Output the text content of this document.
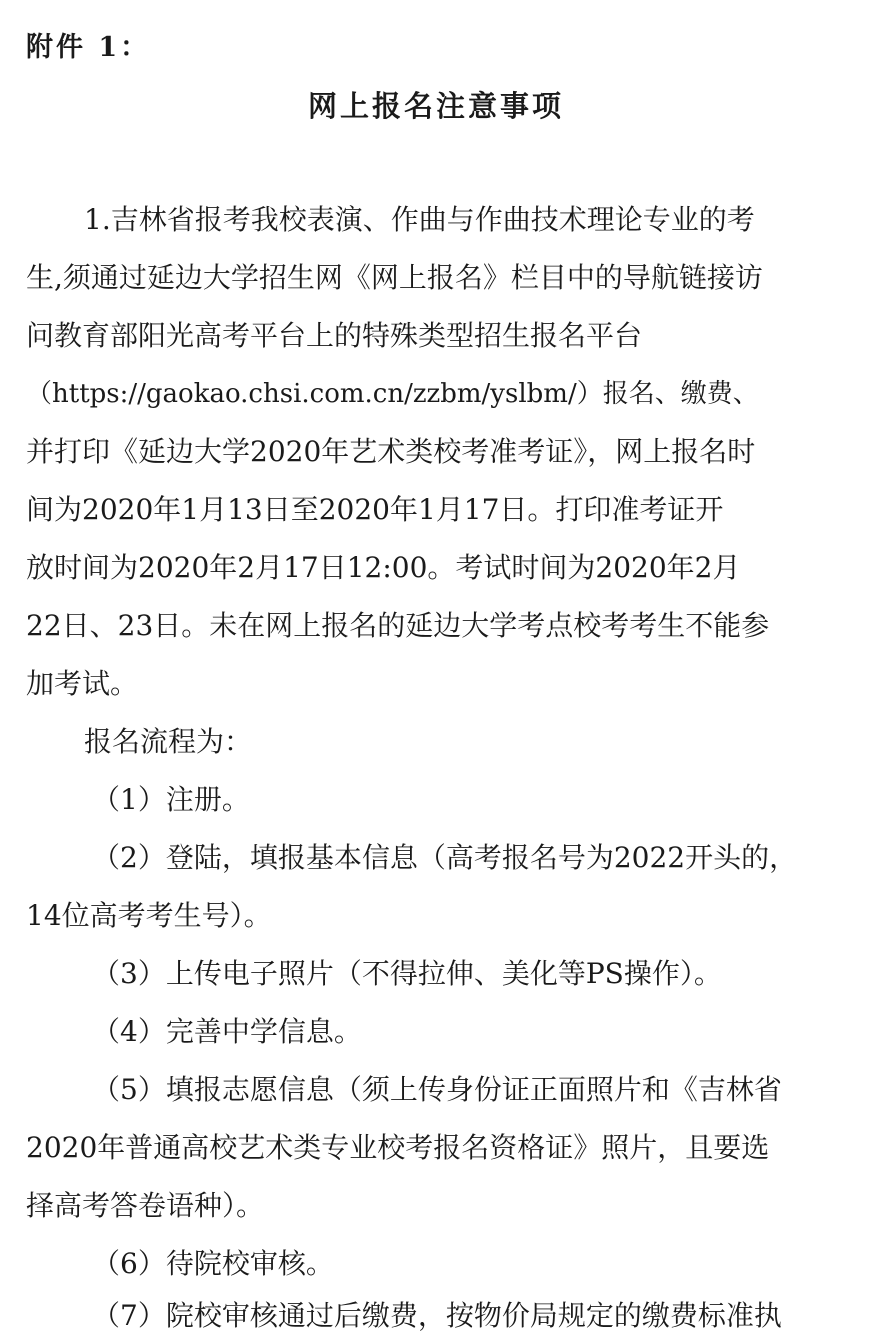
附件 1：
网上报名注意事项
1.吉林省报考我校表演、作曲与作曲技术理论专业的考
生,须通过延边大学招生网《网上报名》栏目中的导航链接访
问教育部阳光高考平台上的特殊类型招生报名平台
（https://gaokao.chsi.com.cn/zzbm/yslbm/）报名、缴费、
并打印《延边大学2020年艺术类校考准考证》，网上报名时
间为2020年1月13日至2020年1月17日。打印准考证开
放时间为2020年2月17日12:00。考试时间为2020年2月
22日、23日。未在网上报名的延边大学考点校考考生不能参
加考试。
报名流程为：
（1）注册。
（2）登陆，填报基本信息（高考报名号为2022开头的，
14位高考考生号）。
（3）上传电子照片（不得拉伸、美化等PS操作）。
（4）完善中学信息。
（5）填报志愿信息（须上传身份证正面照片和《吉林省
2020年普通高校艺术类专业校考报名资格证》照片，且要选
择高考答卷语种）。
（6）待院校审核。
（7）院校审核通过后缴费，按物价局规定的缴费标准执
